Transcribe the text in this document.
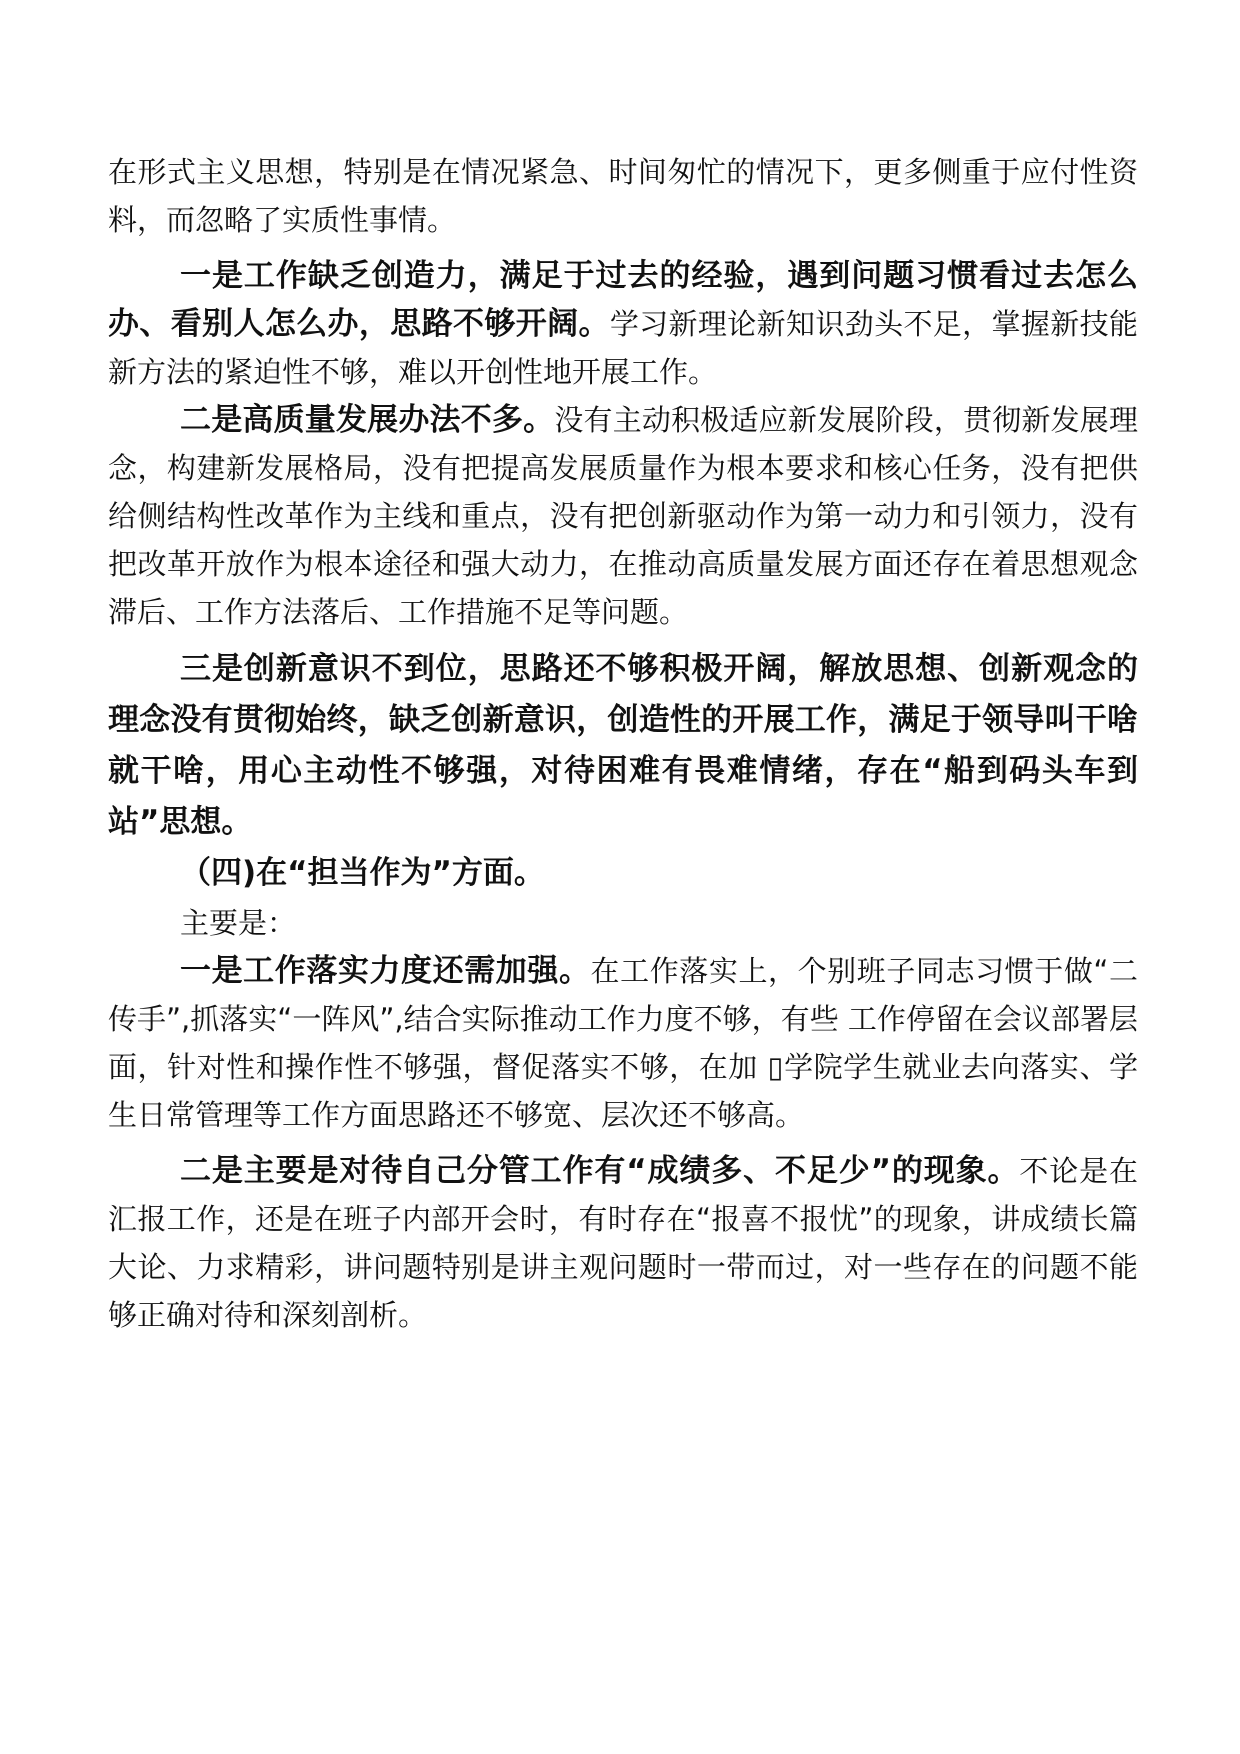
在形式主义思想，特别是在情况紧急、时间匆忙的情况下，更多侧重于应付性资料，而忽略了实质性事情。

一是工作缺乏创造力，满足于过去的经验，遇到问题习惯看过去怎么办、看别人怎么办，思路不够开阔。学习新理论新知识劲头不足，掌握新技能新方法的紧迫性不够，难以开创性地开展工作。

二是高质量发展办法不多。没有主动积极适应新发展阶段，贯彻新发展理念，构建新发展格局，没有把提高发展质量作为根本要求和核心任务，没有把供给侧结构性改革作为主线和重点，没有把创新驱动作为第一动力和引领力，没有把改革开放作为根本途径和强大动力，在推动高质量发展方面还存在着思想观念滞后、工作方法落后、工作措施不足等问题。

三是创新意识不到位，思路还不够积极开阔，解放思想、创新观念的理念没有贯彻始终，缺乏创新意识，创造性的开展工作，满足于领导叫干啥就干啥，用心主动性不够强，对待困难有畏难情绪，存在“船到码头车到站”思想。

（四)在“担当作为”方面。

主要是：

一是工作落实力度还需加强。在工作落实上，个别班子同志习惯于做“二传手”,抓落实“一阵风”,结合实际推动工作力度不够，有些 工作停留在会议部署层面，针对性和操作性不够强，督促落实不够，在加 ▯学院学生就业去向落实、学生日常管理等工作方面思路还不够宽、层次还不够高。

二是主要是对待自己分管工作有“成绩多、不足少”的现象。不论是在汇报工作，还是在班子内部开会时，有时存在“报喜不报忧”的现象，讲成绩长篇大论、力求精彩，讲问题特别是讲主观问题时一带而过，对一些存在的问题不能够正确对待和深刻剖析。
